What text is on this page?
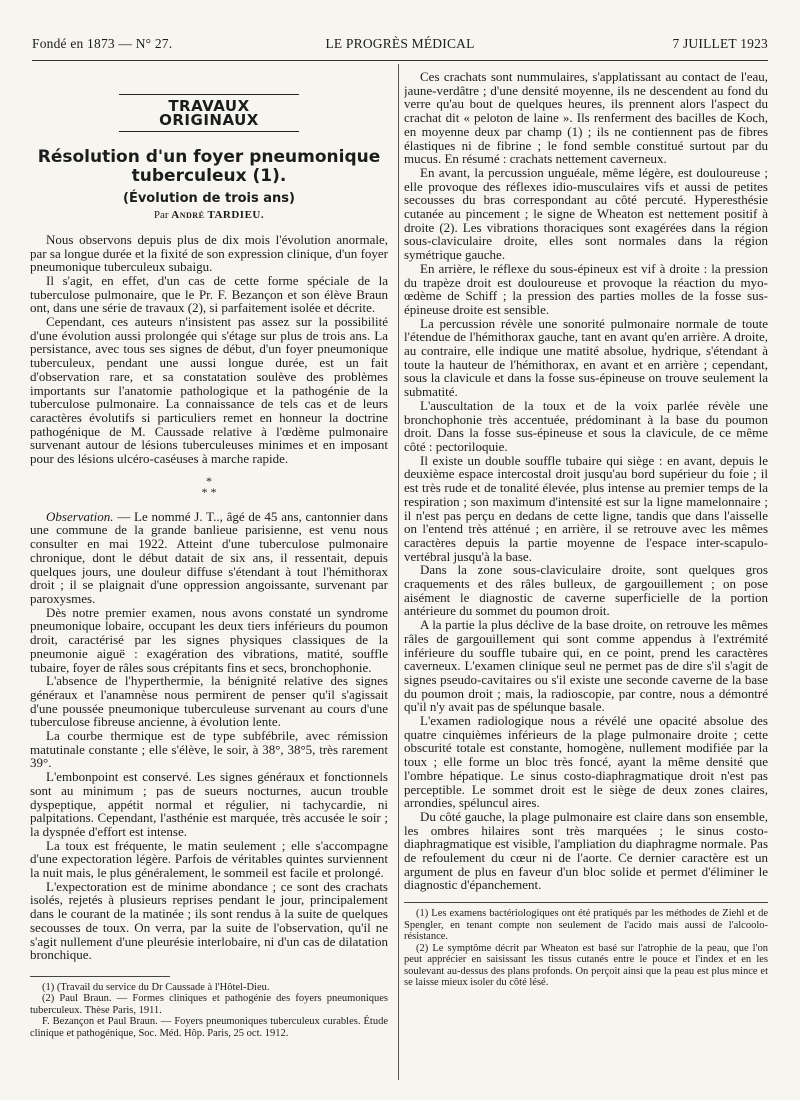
Fondé en 1873 — N° 27.	LE PROGRÈS MÉDICAL	7 JUILLET 1923
TRAVAUX ORIGINAUX
Résolution d'un foyer pneumonique tuberculeux (1).
(Évolution de trois ans)
Par André TARDIEU.

Nous observons depuis plus de dix mois l'évolution anormale, par sa longue durée et la fixité de son expression clinique, d'un foyer pneumonique tuberculeux subaigu.

Il s'agit, en effet, d'un cas de cette forme spéciale de la tuberculose pulmonaire, que le Pr. F. Bezançon et son élève Braun ont, dans une série de travaux (2), si parfaitement isolée et décrite.

Cependant, ces auteurs n'insistent pas assez sur la possibilité d'une évolution aussi prolongée qui s'étage sur plus de trois ans. La persistance, avec tous ses signes de début, d'un foyer pneumonique tuberculeux, pendant une aussi longue durée, est un fait d'observation rare, et sa constatation soulève des problèmes importants sur l'anatomie pathologique et la pathogénie de la tuberculose pulmonaire. La connaissance de tels cas et de leurs caractères évolutifs si particuliers remet en honneur la doctrine pathogénique de M. Caussade relative à l'œdème pulmonaire survenant autour de lésions tuberculeuses minimes et en imposant pour des lésions ulcéro-caséuses à marche rapide.

*
* *

Observation. — Le nommé J. T.., âgé de 45 ans, cantonnier dans une commune de la grande banlieue parisienne, est venu nous consulter en mai 1922. Atteint d'une tuberculose pulmonaire chronique, dont le début datait de six ans, il ressentait, depuis quelques jours, une douleur diffuse s'étendant à tout l'hémithorax droit ; il se plaignait d'une oppression angoissante, survenant par paroxysmes.

Dès notre premier examen, nous avons constaté un syndrome pneumonique lobaire, occupant les deux tiers inférieurs du poumon droit, caractérisé par les signes physiques classiques de la pneumonie aiguë : exagération des vibrations, matité, souffle tubaire, foyer de râles sous crépitants fins et secs, bronchophonie.

L'absence de l'hyperthermie, la bénignité relative des signes généraux et l'anamnèse nous permirent de penser qu'il s'agissait d'une poussée pneumonique tuberculeuse survenant au cours d'une tuberculose fibreuse ancienne, à évolution lente.

La courbe thermique est de type subfébrile, avec rémission matutinale constante ; elle s'élève, le soir, à 38°, 38°5, très rarement 39°.

L'embonpoint est conservé. Les signes généraux et fonctionnels sont au minimum ; pas de sueurs nocturnes, aucun trouble dyspeptique, appétit normal et régulier, ni tachycardie, ni palpitations. Cependant, l'asthénie est marquée, très accusée le soir ; la dyspnée d'effort est intense.

La toux est fréquente, le matin seulement ; elle s'accompagne d'une expectoration légère. Parfois de véritables quintes surviennent la nuit mais, le plus généralement, le sommeil est facile et prolongé.

L'expectoration est de minime abondance ; ce sont des crachats isolés, rejetés à plusieurs reprises pendant le jour, principalement dans le courant de la matinée ; ils sont rendus à la suite de quelques secousses de toux. On verra, par la suite de l'observation, qu'il ne s'agit nullement d'une pleurésie interlobaire, ni d'un cas de dilatation bronchique.

(1) (Travail du service du Dr Caussade à l'Hôtel-Dieu.

(2) Paul Braun. — Formes cliniques et pathogénie des foyers pneumoniques tuberculeux. Thèse Paris, 1911.

F. Bezançon et Paul Braun. — Foyers pneumoniques tuberculeux curables. Étude clinique et pathogénique, Soc. Méd. Hôp. Paris, 25 oct. 1912.

Ces crachats sont nummulaires, s'applatissant au contact de l'eau, jaune-verdâtre ; d'une densité moyenne, ils ne descendent au fond du verre qu'au bout de quelques heures, ils prennent alors l'aspect du crachat dit « peloton de laine ». Ils renferment des bacilles de Koch, en moyenne deux par champ (1) ; ils ne contiennent pas de fibres élastiques ni de fibrine ; le fond semble constitué surtout par du mucus. En résumé : crachats nettement caverneux.

En avant, la percussion unguéale, même légère, est douloureuse ; elle provoque des réflexes idio-musculaires vifs et aussi de petites secousses du bras correspondant au côté percuté. Hyperesthésie cutanée au pincement ; le signe de Wheaton est nettement positif à droite (2). Les vibrations thoraciques sont exagérées dans la région sous-claviculaire droite, elles sont normales dans la région symétrique gauche.

En arrière, le réflexe du sous-épineux est vif à droite : la pression du trapèze droit est douloureuse et provoque la réaction du myo-œdème de Schiff ; la pression des parties molles de la fosse sus-épineuse droite est sensible.

La percussion révèle une sonorité pulmonaire normale de toute l'étendue de l'hémithorax gauche, tant en avant qu'en arrière. A droite, au contraire, elle indique une matité absolue, hydrique, s'étendant à toute la hauteur de l'hémithorax, en avant et en arrière ; cependant, sous la clavicule et dans la fosse sus-épineuse on trouve seulement la submatité.

L'auscultation de la toux et de la voix parlée révèle une bronchophonie très accentuée, prédominant à la base du poumon droit. Dans la fosse sus-épineuse et sous la clavicule, de ce même côté : pectoriloquie.

Il existe un double souffle tubaire qui siège : en avant, depuis le deuxième espace intercostal droit jusqu'au bord supérieur du foie ; il est très rude et de tonalité élevée, plus intense au premier temps de la respiration ; son maximum d'intensité est sur la ligne mamelonnaire ; il n'est pas perçu en dedans de cette ligne, tandis que dans l'aisselle on l'entend très atténué ; en arrière, il se retrouve avec les mêmes caractères depuis la partie moyenne de l'espace inter-scapulo-vertébral jusqu'à la base.

Dans la zone sous-claviculaire droite, sont quelques gros craquements et des râles bulleux, de gargouillement ; on pose aisément le diagnostic de caverne superficielle de la portion antérieure du sommet du poumon droit.

A la partie la plus déclive de la base droite, on retrouve les mêmes râles de gargouillement qui sont comme appendus à l'extrémité inférieure du souffle tubaire qui, en ce point, prend les caractères caverneux. L'examen clinique seul ne permet pas de dire s'il s'agit de signes pseudo-cavitaires ou s'il existe une seconde caverne de la base du poumon droit ; mais, la radioscopie, par contre, nous a démontré qu'il n'y avait pas de spélunque basale.

L'examen radiologique nous a révélé une opacité absolue des quatre cinquièmes inférieurs de la plage pulmonaire droite ; cette obscurité totale est constante, homogène, nullement modifiée par la toux ; elle forme un bloc très foncé, ayant la même densité que l'ombre hépatique. Le sinus costo-diaphragmatique droit n'est pas perceptible. Le sommet droit est le siège de deux zones claires, arrondies, spéluncul aires.

Du côté gauche, la plage pulmonaire est claire dans son ensemble, les ombres hilaires sont très marquées ; le sinus costo-diaphragmatique est visible, l'ampliation du diaphragme normale. Pas de refoulement du cœur ni de l'aorte. Ce dernier caractère est un argument de plus en faveur d'un bloc solide et permet d'éliminer le diagnostic d'épanchement.

(1) Les examens bactériologiques ont été pratiqués par les méthodes de Ziehl et de Spengler, en tenant compte non seulement de l'acido mais aussi de l'alcoolo-résistance.

(2) Le symptôme décrit par Wheaton est basé sur l'atrophie de la peau, que l'on peut apprécier en saisissant les tissus cutanés entre le pouce et l'index et en les soulevant au-dessus des plans profonds. On perçoit ainsi que la peau est plus mince et se laisse mieux isoler du côté lésé.
